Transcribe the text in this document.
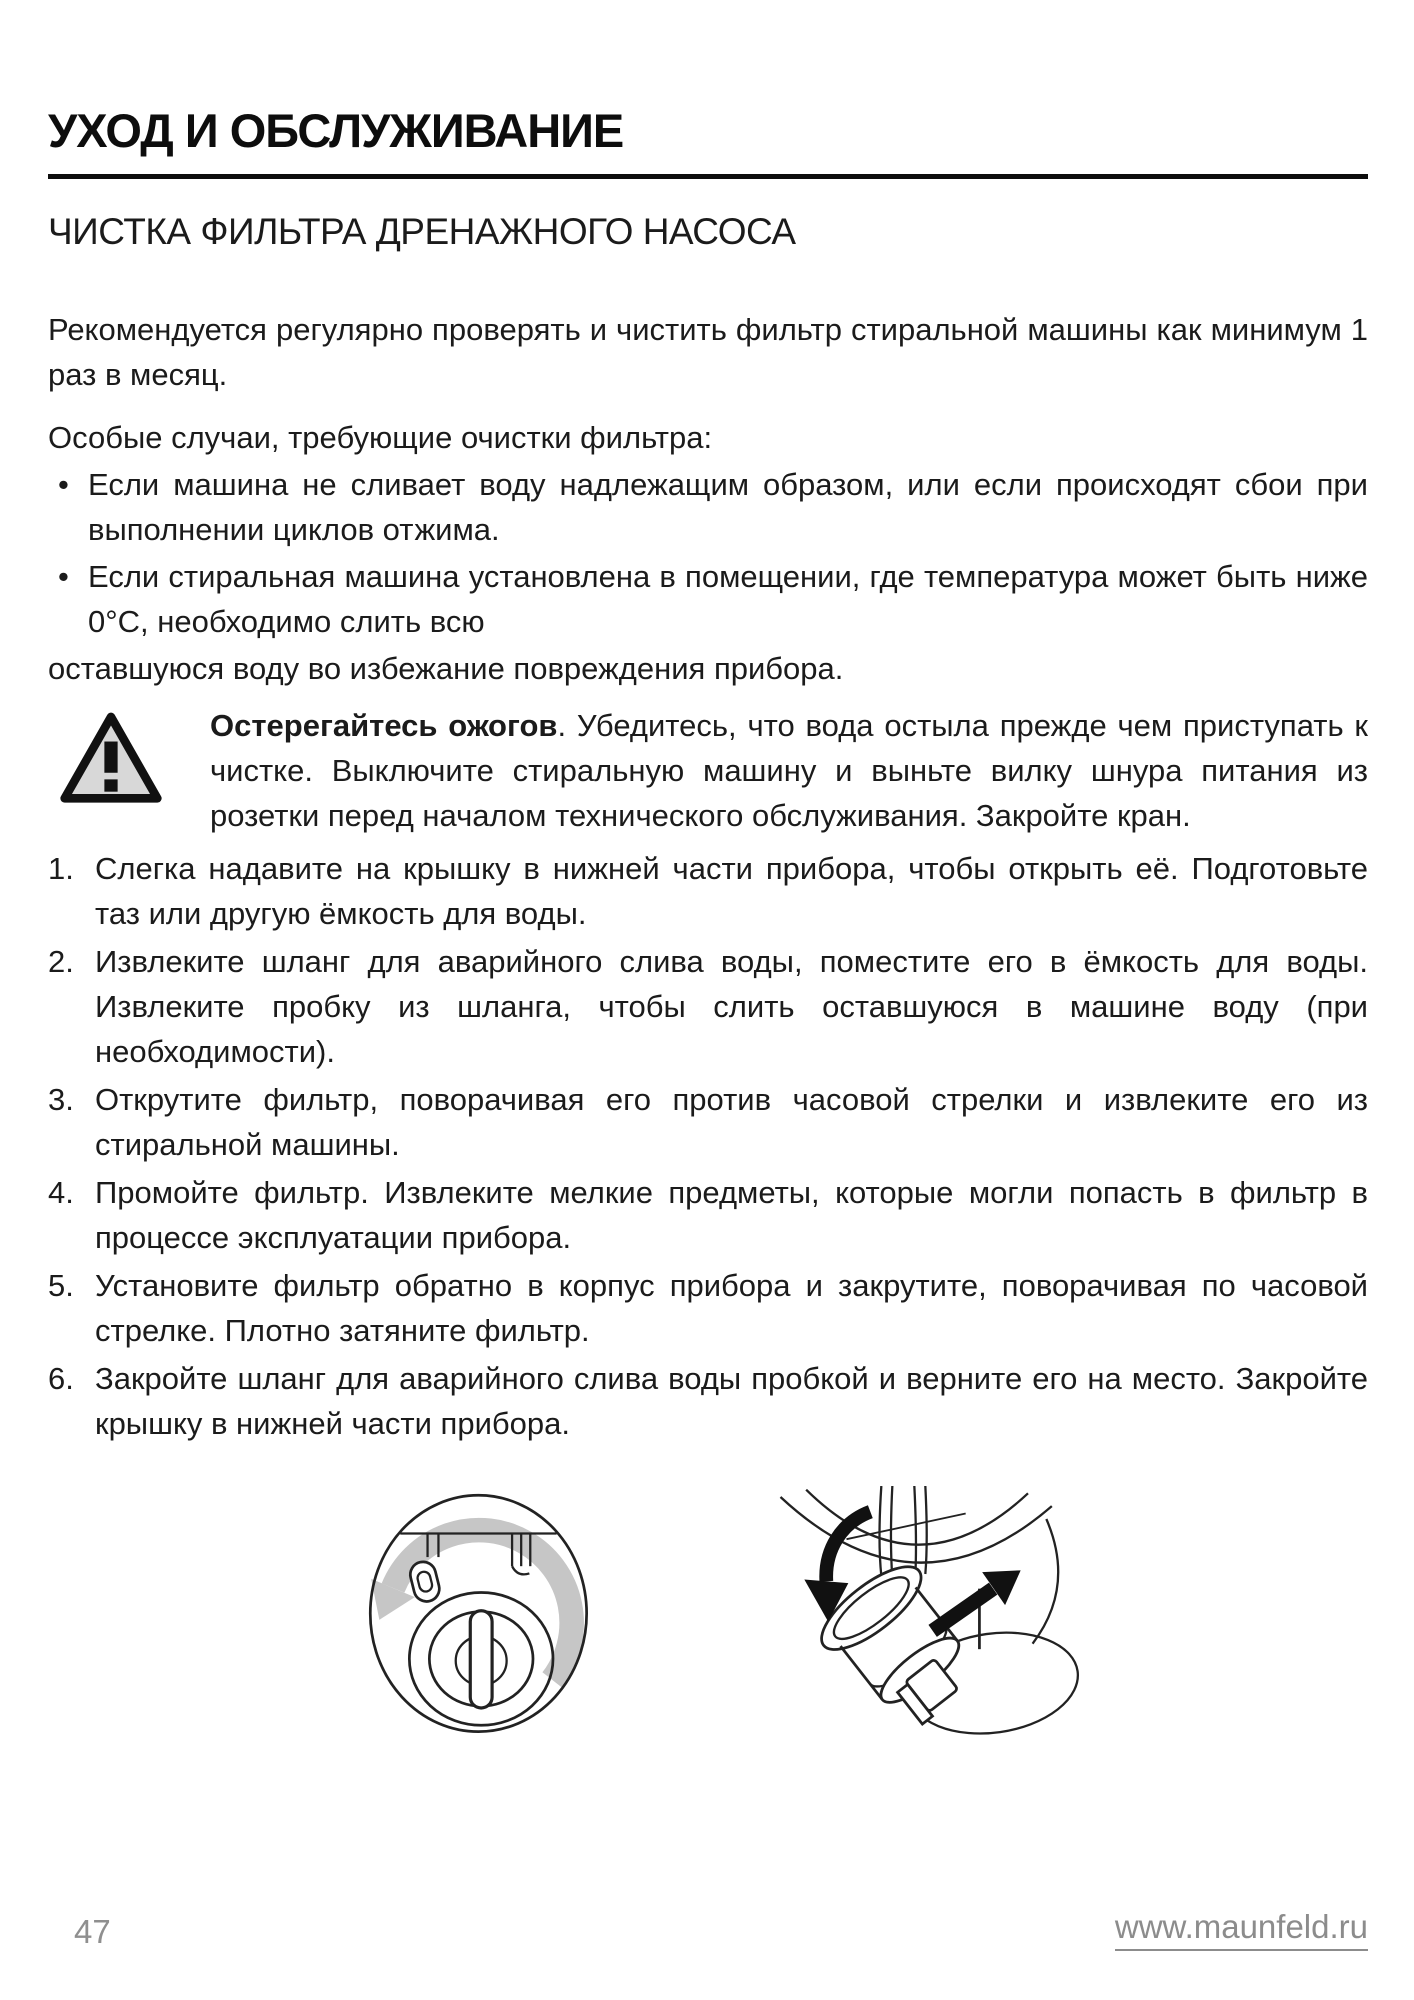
УХОД И ОБСЛУЖИВАНИЕ
ЧИСТКА ФИЛЬТРА ДРЕНАЖНОГО НАСОСА
Рекомендуется регулярно проверять и чистить фильтр стиральной машины как минимум 1 раз в месяц.
Особые случаи, требующие очистки фильтра:
• Если машина не сливает воду надлежащим образом, или если происходят сбои при выполнении циклов отжима.
• Если стиральная машина установлена в помещении, где температура может быть ниже 0°C, необходимо слить всю
оставшуюся воду во избежание повреждения прибора.
Остерегайтесь ожогов. Убедитесь, что вода остыла прежде чем приступать к чистке. Выключите стиральную машину и выньте вилку шнура питания из розетки перед началом технического обслуживания. Закройте кран.
1. Слегка надавите на крышку в нижней части прибора, чтобы открыть её. Подготовьте таз или другую ёмкость для воды.
2. Извлеките шланг для аварийного слива воды, поместите его в ёмкость для воды. Извлеките пробку из шланга, чтобы слить оставшуюся в машине воду (при необходимости).
3. Открутите фильтр, поворачивая его против часовой стрелки и извлеките его из стиральной машины.
4. Промойте фильтр. Извлеките мелкие предметы, которые могли попасть в фильтр в процессе эксплуатации прибора.
5. Установите фильтр обратно в корпус прибора и закрутите, поворачивая по часовой стрелке. Плотно затяните фильтр.
6. Закройте шланг для аварийного слива воды пробкой и верните его на место. Закройте крышку в нижней части прибора.
47	www.maunfeld.ru
